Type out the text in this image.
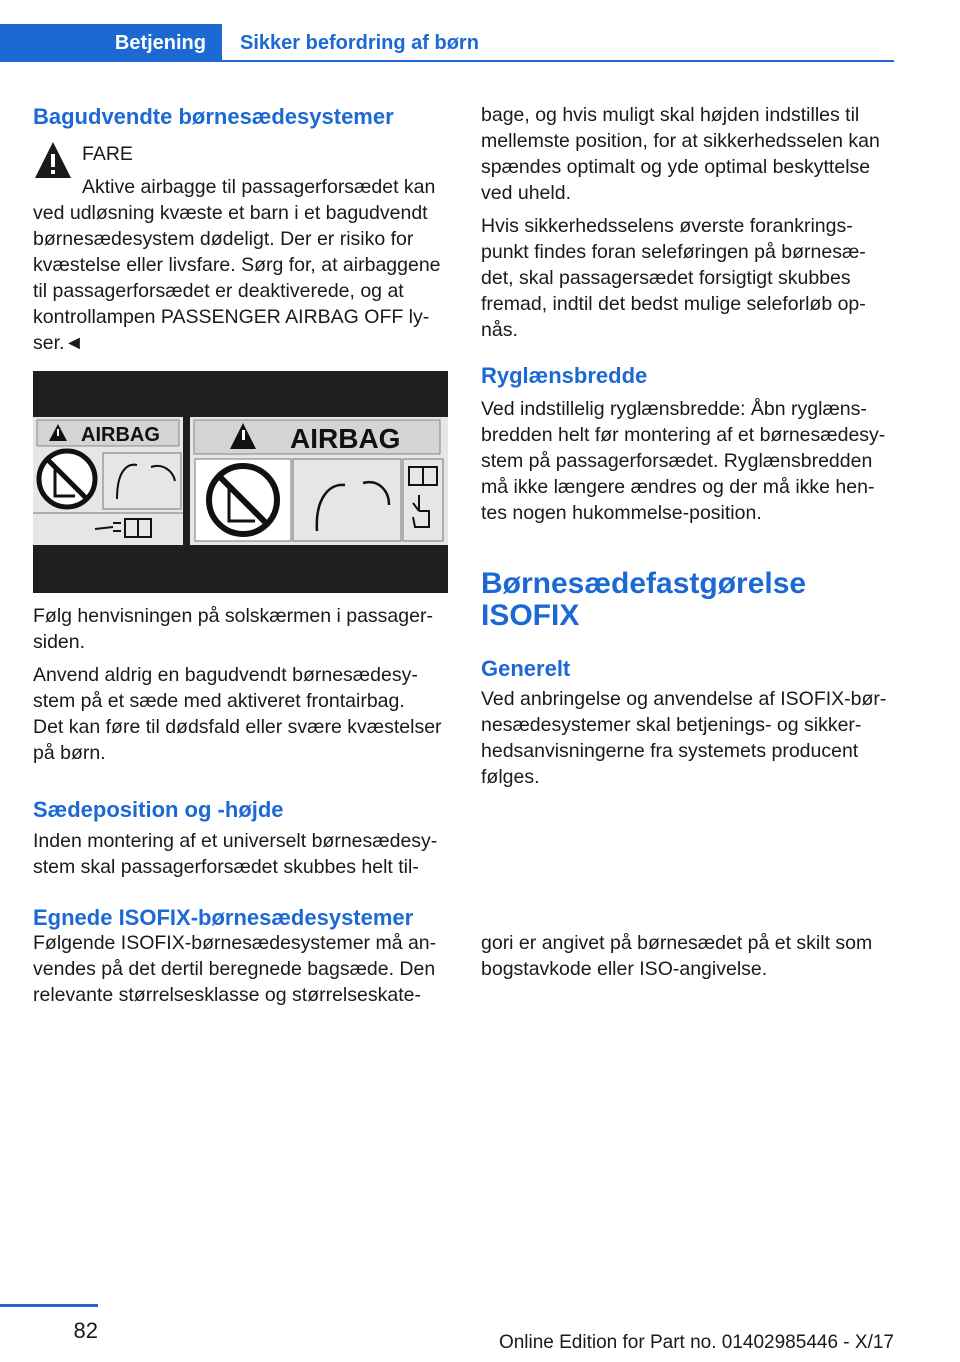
Betjening	Sikker befordring af børn
Bagudvendte børnesædesystemer
FARE
Aktive airbagge til passagerforsædet kan
ved udløsning kvæste et barn i et bagudvendt
børnesædesystem dødeligt. Der er risiko for
kvæstelse eller livsfare. Sørg for, at airbaggene
til passagerforsædet er deaktiverede, og at
kontrollampen PASSENGER AIRBAG OFF ly-
ser.◄
AIRBAG	AIRBAG
Følg henvisningen på solskærmen i passager-
siden.
Anvend aldrig en bagudvendt børnesædesy-
stem på et sæde med aktiveret frontairbag.
Det kan føre til dødsfald eller svære kvæstelser
på børn.
Sædeposition og -højde
Inden montering af et universelt børnesædesy-
stem skal passagerforsædet skubbes helt til-
Egnede ISOFIX-børnesædesystemer
Følgende ISOFIX-børnesædesystemer må an-
vendes på det dertil beregnede bagsæde. Den
relevante størrelsesklasse og størrelseskate-
bage, og hvis muligt skal højden indstilles til
mellemste position, for at sikkerhedsselen kan
spændes optimalt og yde optimal beskyttelse
ved uheld.
Hvis sikkerhedsselens øverste forankrings-
punkt findes foran seleføringen på børnesæ-
det, skal passagersædet forsigtigt skubbes
fremad, indtil det bedst mulige seleforløb op-
nås.
Ryglænsbredde
Ved indstillelig ryglænsbredde: Åbn ryglæns-
bredden helt før montering af et børnesædesy-
stem på passagerforsædet. Ryglænsbredden
må ikke længere ændres og der må ikke hen-
tes nogen hukommelse-position.
Børnesædefastgørelse
ISOFIX
Generelt
Ved anbringelse og anvendelse af ISOFIX-bør-
nesædesystemer skal betjenings- og sikker-
hedsanvisningerne fra systemets producent
følges.
gori er angivet på børnesædet på et skilt som
bogstavkode eller ISO-angivelse.
82	Online Edition for Part no. 01402985446 - X/17
